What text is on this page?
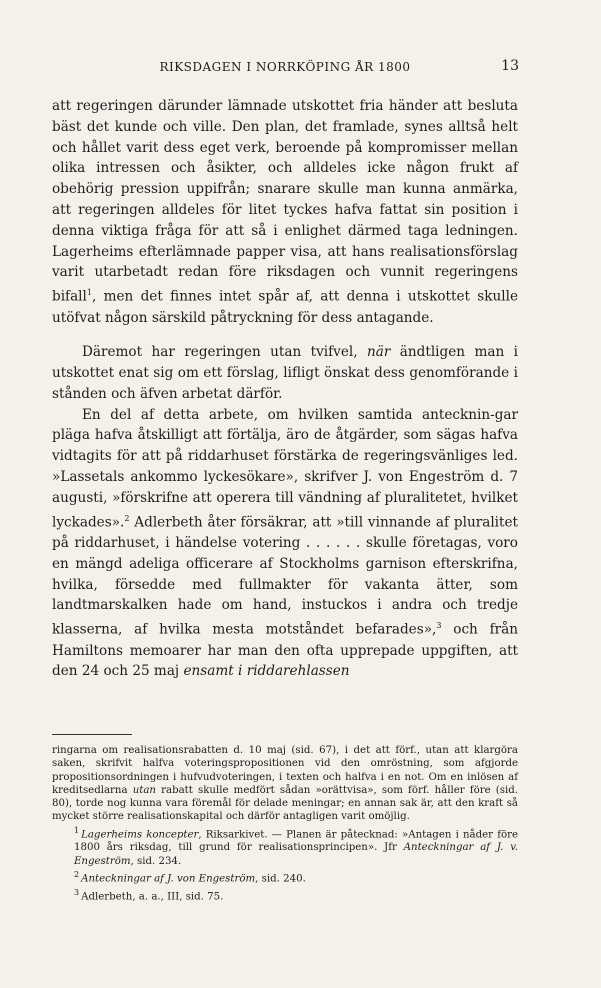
RIKSDAGEN I NORRKÖPING ÅR 1800	13

att regeringen därunder lämnade utskottet fria händer att besluta bäst det kunde och ville. Den plan, det framlade, synes alltså helt och hållet varit dess eget verk, beroende på kompromisser mellan olika intressen och åsikter, och alldeles icke någon frukt af obehörig pression uppifrån; snarare skulle man kunna anmärka, att regeringen alldeles för litet tyckes hafva fattat sin position i denna viktiga fråga för att så i enlighet därmed taga ledningen. Lagerheims efterlämnade papper visa, att hans realisationsförslag varit utarbetadt redan före riksdagen och vunnit regeringens bifall$^1$, men det finnes intet spår af, att denna i utskottet skulle utöfvat någon särskild påtryckning för dess antagande.

Däremot har regeringen utan tvifvel, när ändtligen man i utskottet enat sig om ett förslag, lifligt önskat dess genomförande i stånden och äfven arbetat därför.

En del af detta arbete, om hvilken samtida antecknin-gar pläga hafva åtskilligt att förtälja, äro de åtgärder, som sägas hafva vidtagits för att på riddarhuset förstärka de regeringsvänliges led. »Lassetals ankommo lyckesökare», skrifver J. von Engeström d. 7 augusti, »förskrifne att operera till vändning af pluralitetet, hvilket lyckades».$^2$ Adlerbeth åter försäkrar, att »till vinnande af pluralitet på riddarhuset, i händelse votering . . . . . . skulle företagas, voro en mängd adeliga officerare af Stockholms garnison efterskrifna, hvilka, försedde med fullmakter för vakanta ätter, som landtmarskalken hade om hand, instuckos i andra och tredje klasserna, af hvilka mesta motståndet befarades»,$^3$ och från Hamiltons memoarer har man den ofta upprepade uppgiften, att den 24 och 25 maj ensamt i riddarehlassen

ringarna om realisationsrabatten d. 10 maj (sid. 67), i det att förf., utan att klargöra saken, skrifvit halfva voteringspropositionen vid den omröstning, som afgjorde propositionsordningen i hufvudvoteringen, i texten och halfva i en not. Om en inlösen af kreditsedlarna utan rabatt skulle medfört sådan »orättvisa», som förf. håller före (sid. 80), torde nog kunna vara föremål för delade meningar; en annan sak är, att den kraft så mycket större realisationskapital och därför antagligen varit omöjlig.

$^1$ Lagerheims koncepter, Riksarkivet. — Planen är påtecknad: »Antagen i nåder före 1800 års riksdag, till grund för realisationsprincipen». Jfr Anteckningar af J. v. Engeström, sid. 234.

$^2$ Anteckningar af J. von Engeström, sid. 240.

$^3$ Adlerbeth, a. a., III, sid. 75.
